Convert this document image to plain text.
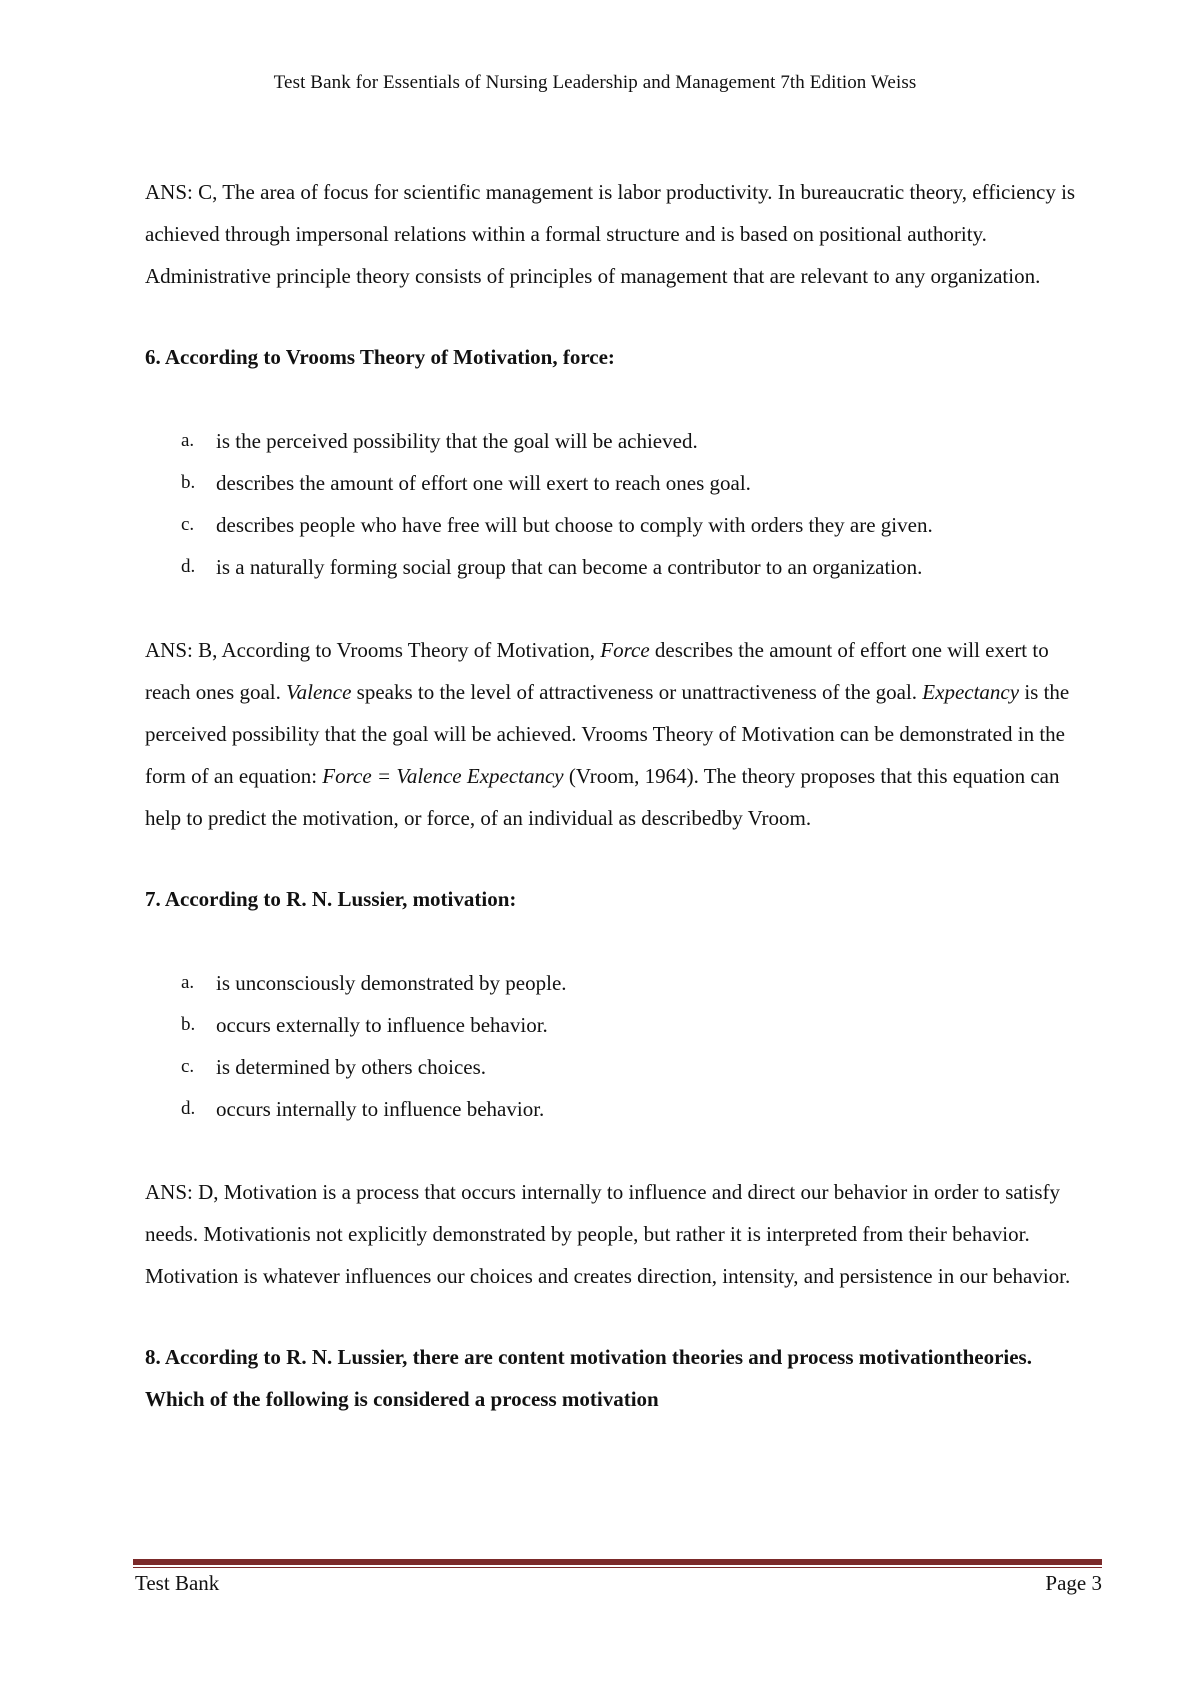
Test Bank for Essentials of Nursing Leadership and Management 7th Edition Weiss

ANS: C, The area of focus for scientific management is labor productivity. In bureaucratic theory, efficiency is achieved through impersonal relations within a formal structure and is based on positional authority. Administrative principle theory consists of principles of management that are relevant to any organization.

6. According to Vrooms Theory of Motivation, force:

a.	is the perceived possibility that the goal will be achieved.
b. describes the amount of effort one will exert to reach ones goal.
c.	describes people who have free will but choose to comply with orders they are given.
d. is a naturally forming social group that can become a contributor to an organization.

ANS: B, According to Vrooms Theory of Motivation, Force describes the amount of effort one will exert to reach ones goal. Valence speaks to the level of attractiveness or unattractiveness of the goal. Expectancy is the perceived possibility that the goal will be achieved. Vrooms Theory of Motivation can be demonstrated in the form of an equation: Force = Valence Expectancy (Vroom, 1964). The theory proposes that this equation can help to predict the motivation, or force, of an individual as describedby Vroom.

7. According to R. N. Lussier, motivation:

a.	is unconsciously demonstrated by people.
b. occurs externally to influence behavior.
c.	is determined by others choices.
d. occurs internally to influence behavior.

ANS: D, Motivation is a process that occurs internally to influence and direct our behavior in order to satisfy needs. Motivationis not explicitly demonstrated by people, but rather it is interpreted from their behavior. Motivation is whatever influences our choices and creates direction, intensity, and persistence in our behavior.

8. According to R. N. Lussier, there are content motivation theories and process motivationtheories. Which of the following is considered a process motivation

Test Bank	Page 3
